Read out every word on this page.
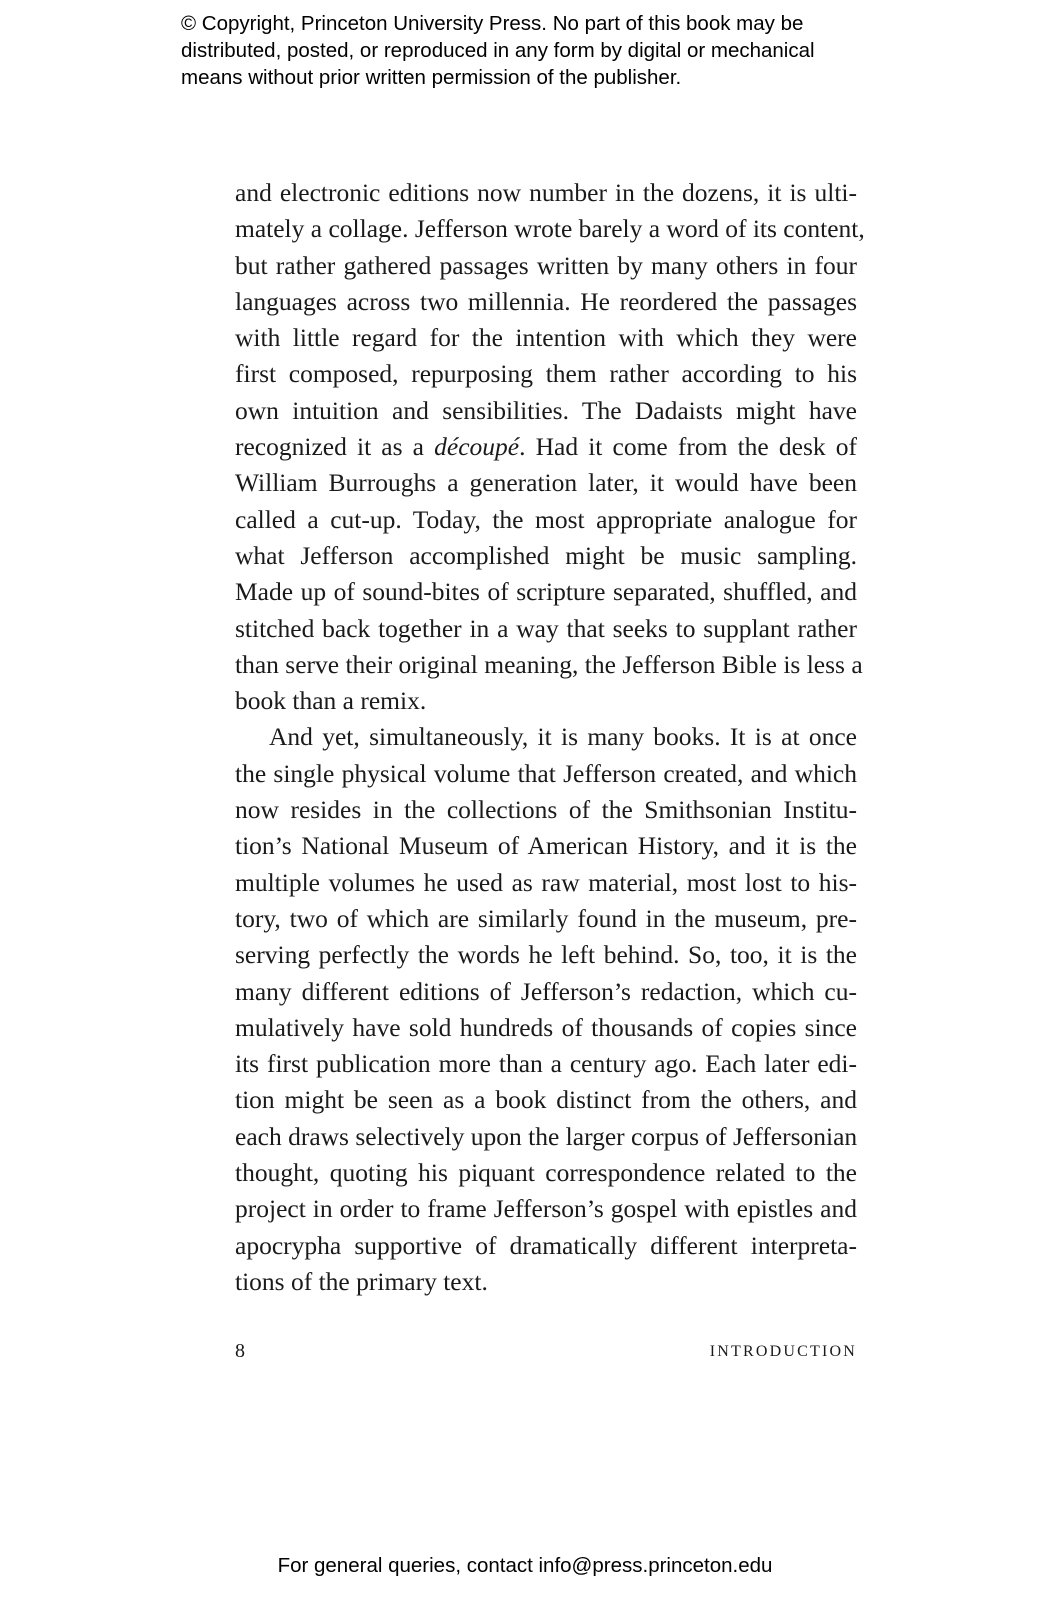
© Copyright, Princeton University Press. No part of this book may be
distributed, posted, or reproduced in any form by digital or mechanical
means without prior written permission of the publisher.
and electronic editions now number in the dozens, it is ulti-
mately a collage. Jefferson wrote barely a word of its content,
but rather gathered passages written by many others in four
languages across two millennia. He reordered the passages
with little regard for the intention with which they were
first composed, repurposing them rather according to his
own intuition and sensibilities. The Dadaists might have
recognized it as a découpé. Had it come from the desk of
William Burroughs a generation later, it would have been
called a cut-up. Today, the most appropriate analogue for
what Jefferson accomplished might be music sampling.
Made up of sound-bites of scripture separated, shuffled, and
stitched back together in a way that seeks to supplant rather
than serve their original meaning, the Jefferson Bible is less a
book than a remix.
And yet, simultaneously, it is many books. It is at once
the single physical volume that Jefferson created, and which
now resides in the collections of the Smithsonian Institu-
tion’s National Museum of American History, and it is the
multiple volumes he used as raw material, most lost to his-
tory, two of which are similarly found in the museum, pre-
serving perfectly the words he left behind. So, too, it is the
many different editions of Jefferson’s redaction, which cu-
mulatively have sold hundreds of thousands of copies since
its first publication more than a century ago. Each later edi-
tion might be seen as a book distinct from the others, and
each draws selectively upon the larger corpus of Jeffersonian
thought, quoting his piquant correspondence related to the
project in order to frame Jefferson’s gospel with epistles and
apocrypha supportive of dramatically different interpreta-
tions of the primary text.
8	INTRODUCTION
For general queries, contact info@press.princeton.edu
